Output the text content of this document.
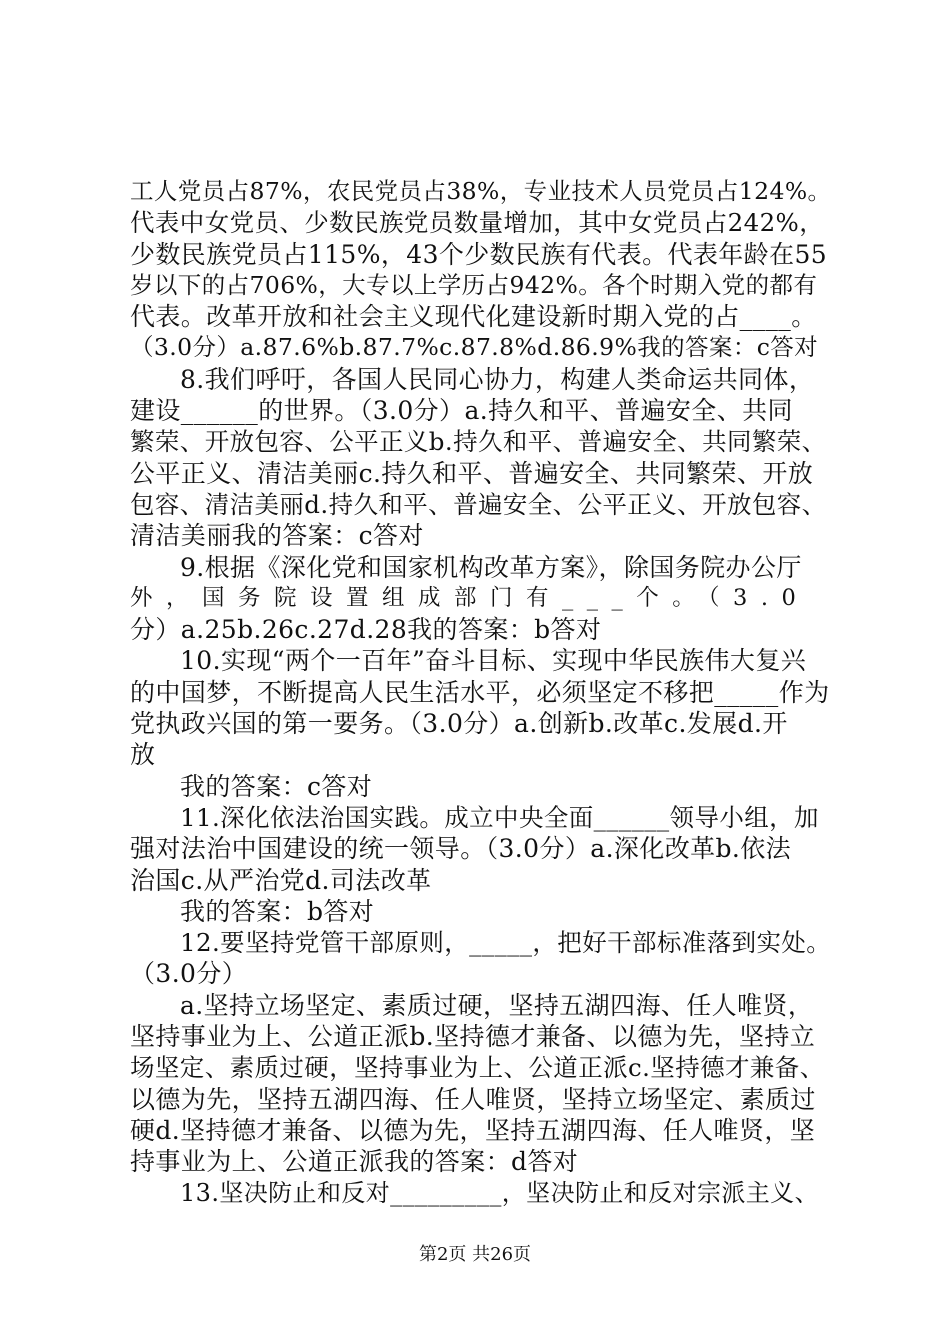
工人党员占87%，农民党员占38%，专业技术人员党员占124%。
代表中女党员、少数民族党员数量增加，其中女党员占242%，
少数民族党员占115%，43个少数民族有代表。代表年龄在55
岁以下的占706%，大专以上学历占942%。各个时期入党的都有
代表。改革开放和社会主义现代化建设新时期入党的占____。
（3.0分）a.87.6%b.87.7%c.87.8%d.86.9%我的答案：c答对
8.我们呼吁，各国人民同心协力，构建人类命运共同体，
建设______的世界。（3.0分）a.持久和平、普遍安全、共同
繁荣、开放包容、公平正义b.持久和平、普遍安全、共同繁荣、
公平正义、清洁美丽c.持久和平、普遍安全、共同繁荣、开放
包容、清洁美丽d.持久和平、普遍安全、公平正义、开放包容、
清洁美丽我的答案：c答对
9.根据《深化党和国家机构改革方案》，除国务院办公厅
外，国务院设置组成部门有___个。（3.0
分）a.25b.26c.27d.28我的答案：b答对
10.实现“两个一百年”奋斗目标、实现中华民族伟大复兴
的中国梦，不断提高人民生活水平，必须坚定不移把_____作为
党执政兴国的第一要务。（3.0分）a.创新b.改革c.发展d.开
放
我的答案：c答对
11.深化依法治国实践。成立中央全面______领导小组，加
强对法治中国建设的统一领导。（3.0分）a.深化改革b.依法
治国c.从严治党d.司法改革
我的答案：b答对
12.要坚持党管干部原则，_____，把好干部标准落到实处。
（3.0分）
a.坚持立场坚定、素质过硬，坚持五湖四海、任人唯贤，
坚持事业为上、公道正派b.坚持德才兼备、以德为先，坚持立
场坚定、素质过硬，坚持事业为上、公道正派c.坚持德才兼备、
以德为先，坚持五湖四海、任人唯贤，坚持立场坚定、素质过
硬d.坚持德才兼备、以德为先，坚持五湖四海、任人唯贤，坚
持事业为上、公道正派我的答案：d答对
13.坚决防止和反对_________，坚决防止和反对宗派主义、
第2页 共26页
